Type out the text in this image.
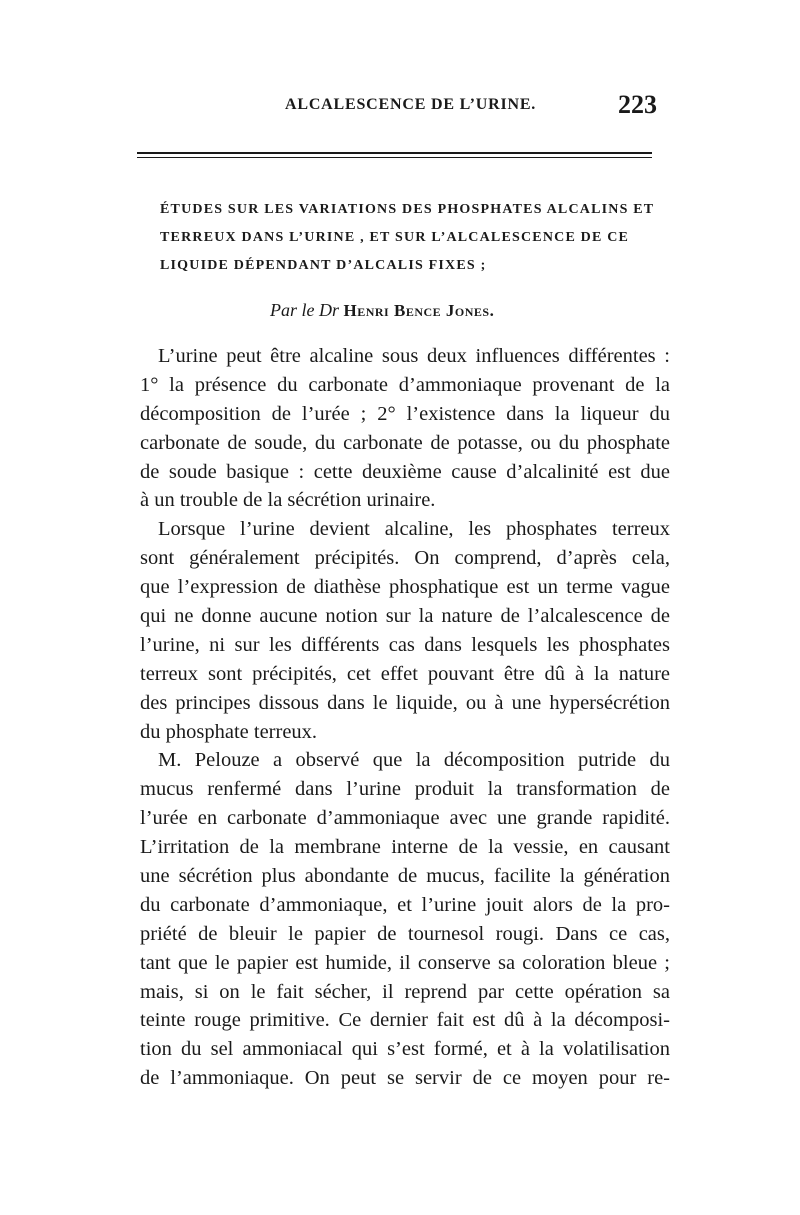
ALCALESCENCE DE L’URINE.	223
ÉTUDES SUR LES VARIATIONS DES PHOSPHATES ALCALINS ET
TERREUX DANS L’URINE , ET SUR L’ALCALESCENCE DE CE
LIQUIDE DÉPENDANT D’ALCALIS FIXES ;
Par le Dr Henri Bence Jones.
L’urine peut être alcaline sous deux influences différentes :
1° la présence du carbonate d’ammoniaque provenant de la
décomposition de l’urée ; 2° l’existence dans la liqueur du
carbonate de soude, du carbonate de potasse, ou du phosphate
de soude basique : cette deuxième cause d’alcalinité est due
à un trouble de la sécrétion urinaire.
Lorsque l’urine devient alcaline, les phosphates terreux
sont généralement précipités. On comprend, d’après cela,
que l’expression de diathèse phosphatique est un terme vague
qui ne donne aucune notion sur la nature de l’alcalescence de
l’urine, ni sur les différents cas dans lesquels les phosphates
terreux sont précipités, cet effet pouvant être dû à la nature
des principes dissous dans le liquide, ou à une hypersécrétion
du phosphate terreux.
M. Pelouze a observé que la décomposition putride du
mucus renfermé dans l’urine produit la transformation de
l’urée en carbonate d’ammoniaque avec une grande rapidité.
L’irritation de la membrane interne de la vessie, en causant
une sécrétion plus abondante de mucus, facilite la génération
du carbonate d’ammoniaque, et l’urine jouit alors de la pro-
priété de bleuir le papier de tournesol rougi. Dans ce cas,
tant que le papier est humide, il conserve sa coloration bleue ;
mais, si on le fait sécher, il reprend par cette opération sa
teinte rouge primitive. Ce dernier fait est dû à la décomposi-
tion du sel ammoniacal qui s’est formé, et à la volatilisation
de l’ammoniaque. On peut se servir de ce moyen pour re-
